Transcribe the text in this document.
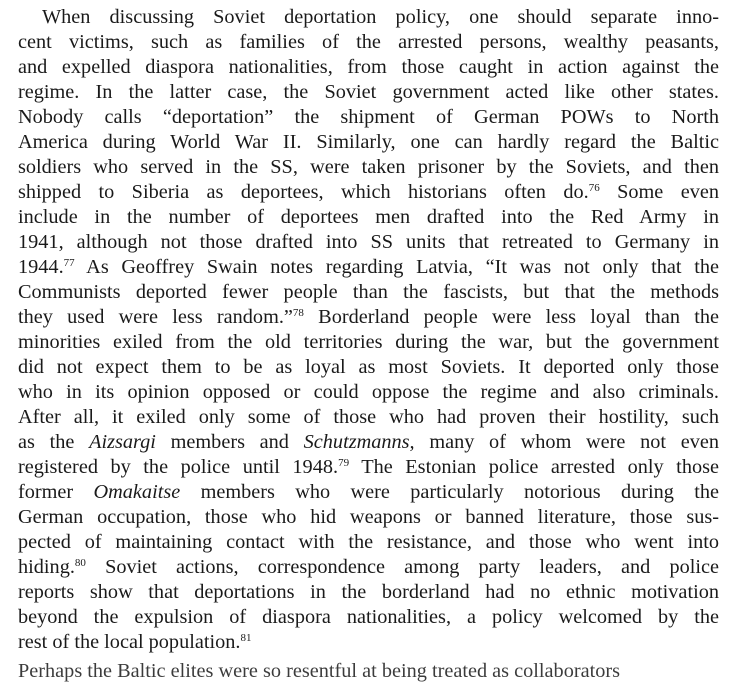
When discussing Soviet deportation policy, one should separate inno-
cent victims, such as families of the arrested persons, wealthy peasants,
and expelled diaspora nationalities, from those caught in action against the
regime. In the latter case, the Soviet government acted like other states.
Nobody calls “deportation” the shipment of German POWs to North
America during World War II. Similarly, one can hardly regard the Baltic
soldiers who served in the SS, were taken prisoner by the Soviets, and then
shipped to Siberia as deportees, which historians often do.$^{76}$ Some even
include in the number of deportees men drafted into the Red Army in
1941, although not those drafted into SS units that retreated to Germany in
1944.77 As Geoffrey Swain notes regarding Latvia, “It was not only that the
Communists deported fewer people than the fascists, but that the methods
they used were less random.”$^{78}$ Borderland people were less loyal than the
minorities exiled from the old territories during the war, but the government
did not expect them to be as loyal as most Soviets. It deported only those
who in its opinion opposed or could oppose the regime and also criminals.
After all, it exiled only some of those who had proven their hostility, such
as the Aizsargi members and Schutzmanns, many of whom were not even
registered by the police until 1948.79 The Estonian police arrested only those
former Omakaitse members who were particularly notorious during the
German occupation, those who hid weapons or banned literature, those sus-
pected of maintaining contact with the resistance, and those who went into
hiding.$^{80}$ Soviet actions, correspondence among party leaders, and police
reports show that deportations in the borderland had no ethnic motivation
beyond the expulsion of diaspora nationalities, a policy welcomed by the
rest of the local population.$^{81}$
Perhaps the Baltic elites were so resentful at being treated as collaborators
